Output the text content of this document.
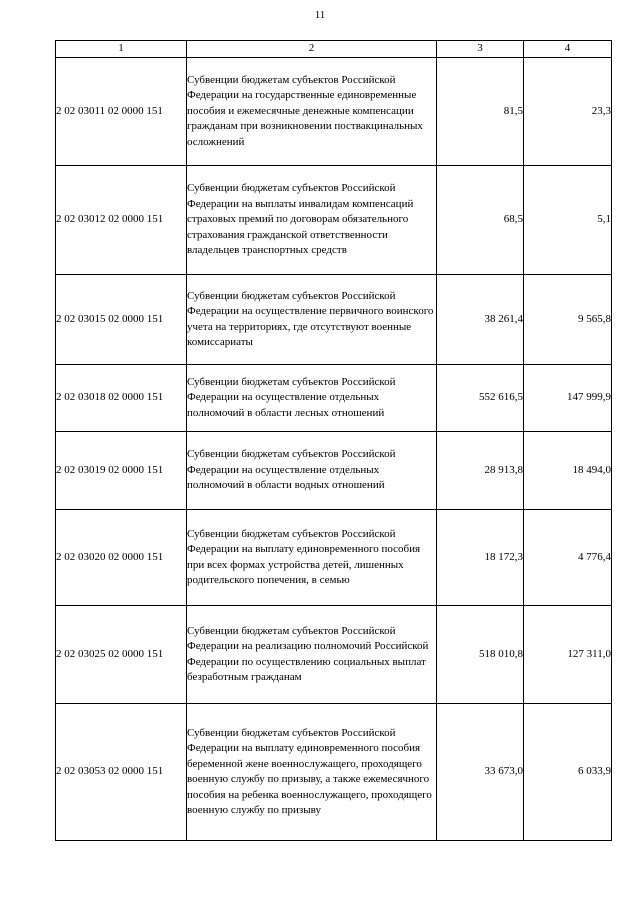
11
1	2	3	4
2 02 03011 02 0000 151	Субвенции бюджетам субъектов Российской Федерации на государственные единовременные пособия и ежемесячные денежные компенсации гражданам при возникновении поствакцинальных осложнений	81,5	23,3
2 02 03012 02 0000 151	Субвенции бюджетам субъектов Российской Федерации на выплаты инвалидам компенсаций страховых премий по договорам обязательного страхования гражданской ответственности владельцев транспортных средств	68,5	5,1
2 02 03015 02 0000 151	Субвенции бюджетам субъектов Российской Федерации на осуществление первичного воинского учета на территориях, где отсутствуют военные комиссариаты	38 261,4	9 565,8
2 02 03018 02 0000 151	Субвенции бюджетам субъектов Российской Федерации на осуществление отдельных полномочий в области лесных отношений	552 616,5	147 999,9
2 02 03019 02 0000 151	Субвенции бюджетам субъектов Российской Федерации на осуществление отдельных полномочий в области водных отношений	28 913,8	18 494,0
2 02 03020 02 0000 151	Субвенции бюджетам субъектов Российской Федерации на выплату единовременного пособия при всех формах устройства детей, лишенных родительского попечения, в семью	18 172,3	4 776,4
2 02 03025 02 0000 151	Субвенции бюджетам субъектов Российской Федерации на реализацию полномочий Российской Федерации по осуществлению социальных выплат безработным гражданам	518 010,8	127 311,0
2 02 03053 02 0000 151	Субвенции бюджетам субъектов Российской Федерации на выплату единовременного пособия беременной жене военнослужащего, проходящего военную службу по призыву, а также ежемесячного пособия на ребенка военнослужащего, проходящего военную службу по призыву	33 673,0	6 033,9
